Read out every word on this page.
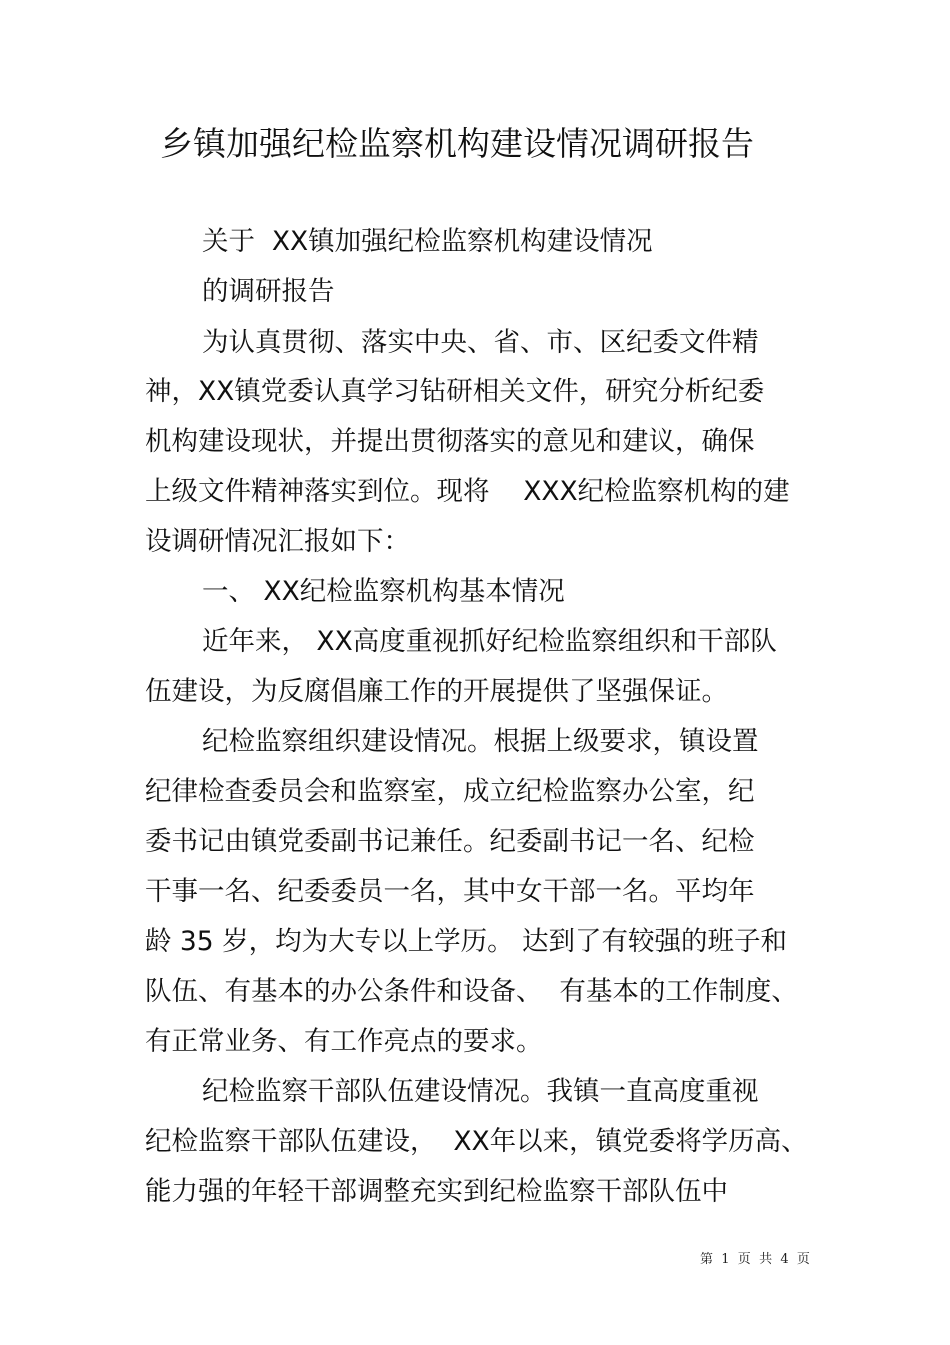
乡镇加强纪检监察机构建设情况调研报告
关于  XX镇加强纪检监察机构建设情况
的调研报告
为认真贯彻、落实中央、省、市、区纪委文件精
神，XX镇党委认真学习钻研相关文件，研究分析纪委
机构建设现状，并提出贯彻落实的意见和建议，确保
上级文件精神落实到位。现将    XXX纪检监察机构的建
设调研情况汇报如下：
一、 XX纪检监察机构基本情况
近年来， XX高度重视抓好纪检监察组织和干部队
伍建设，为反腐倡廉工作的开展提供了坚强保证。
纪检监察组织建设情况。根据上级要求，镇设置
纪律检查委员会和监察室，成立纪检监察办公室，纪
委书记由镇党委副书记兼任。纪委副书记一名、纪检
干事一名、纪委委员一名，其中女干部一名。平均年
龄 35 岁，均为大专以上学历。 达到了有较强的班子和
队伍、有基本的办公条件和设备、  有基本的工作制度、
有正常业务、有工作亮点的要求。
纪检监察干部队伍建设情况。我镇一直高度重视
纪检监察干部队伍建设，  XX年以来，镇党委将学历高、
能力强的年轻干部调整充实到纪检监察干部队伍中
第  1  页  共  4  页
